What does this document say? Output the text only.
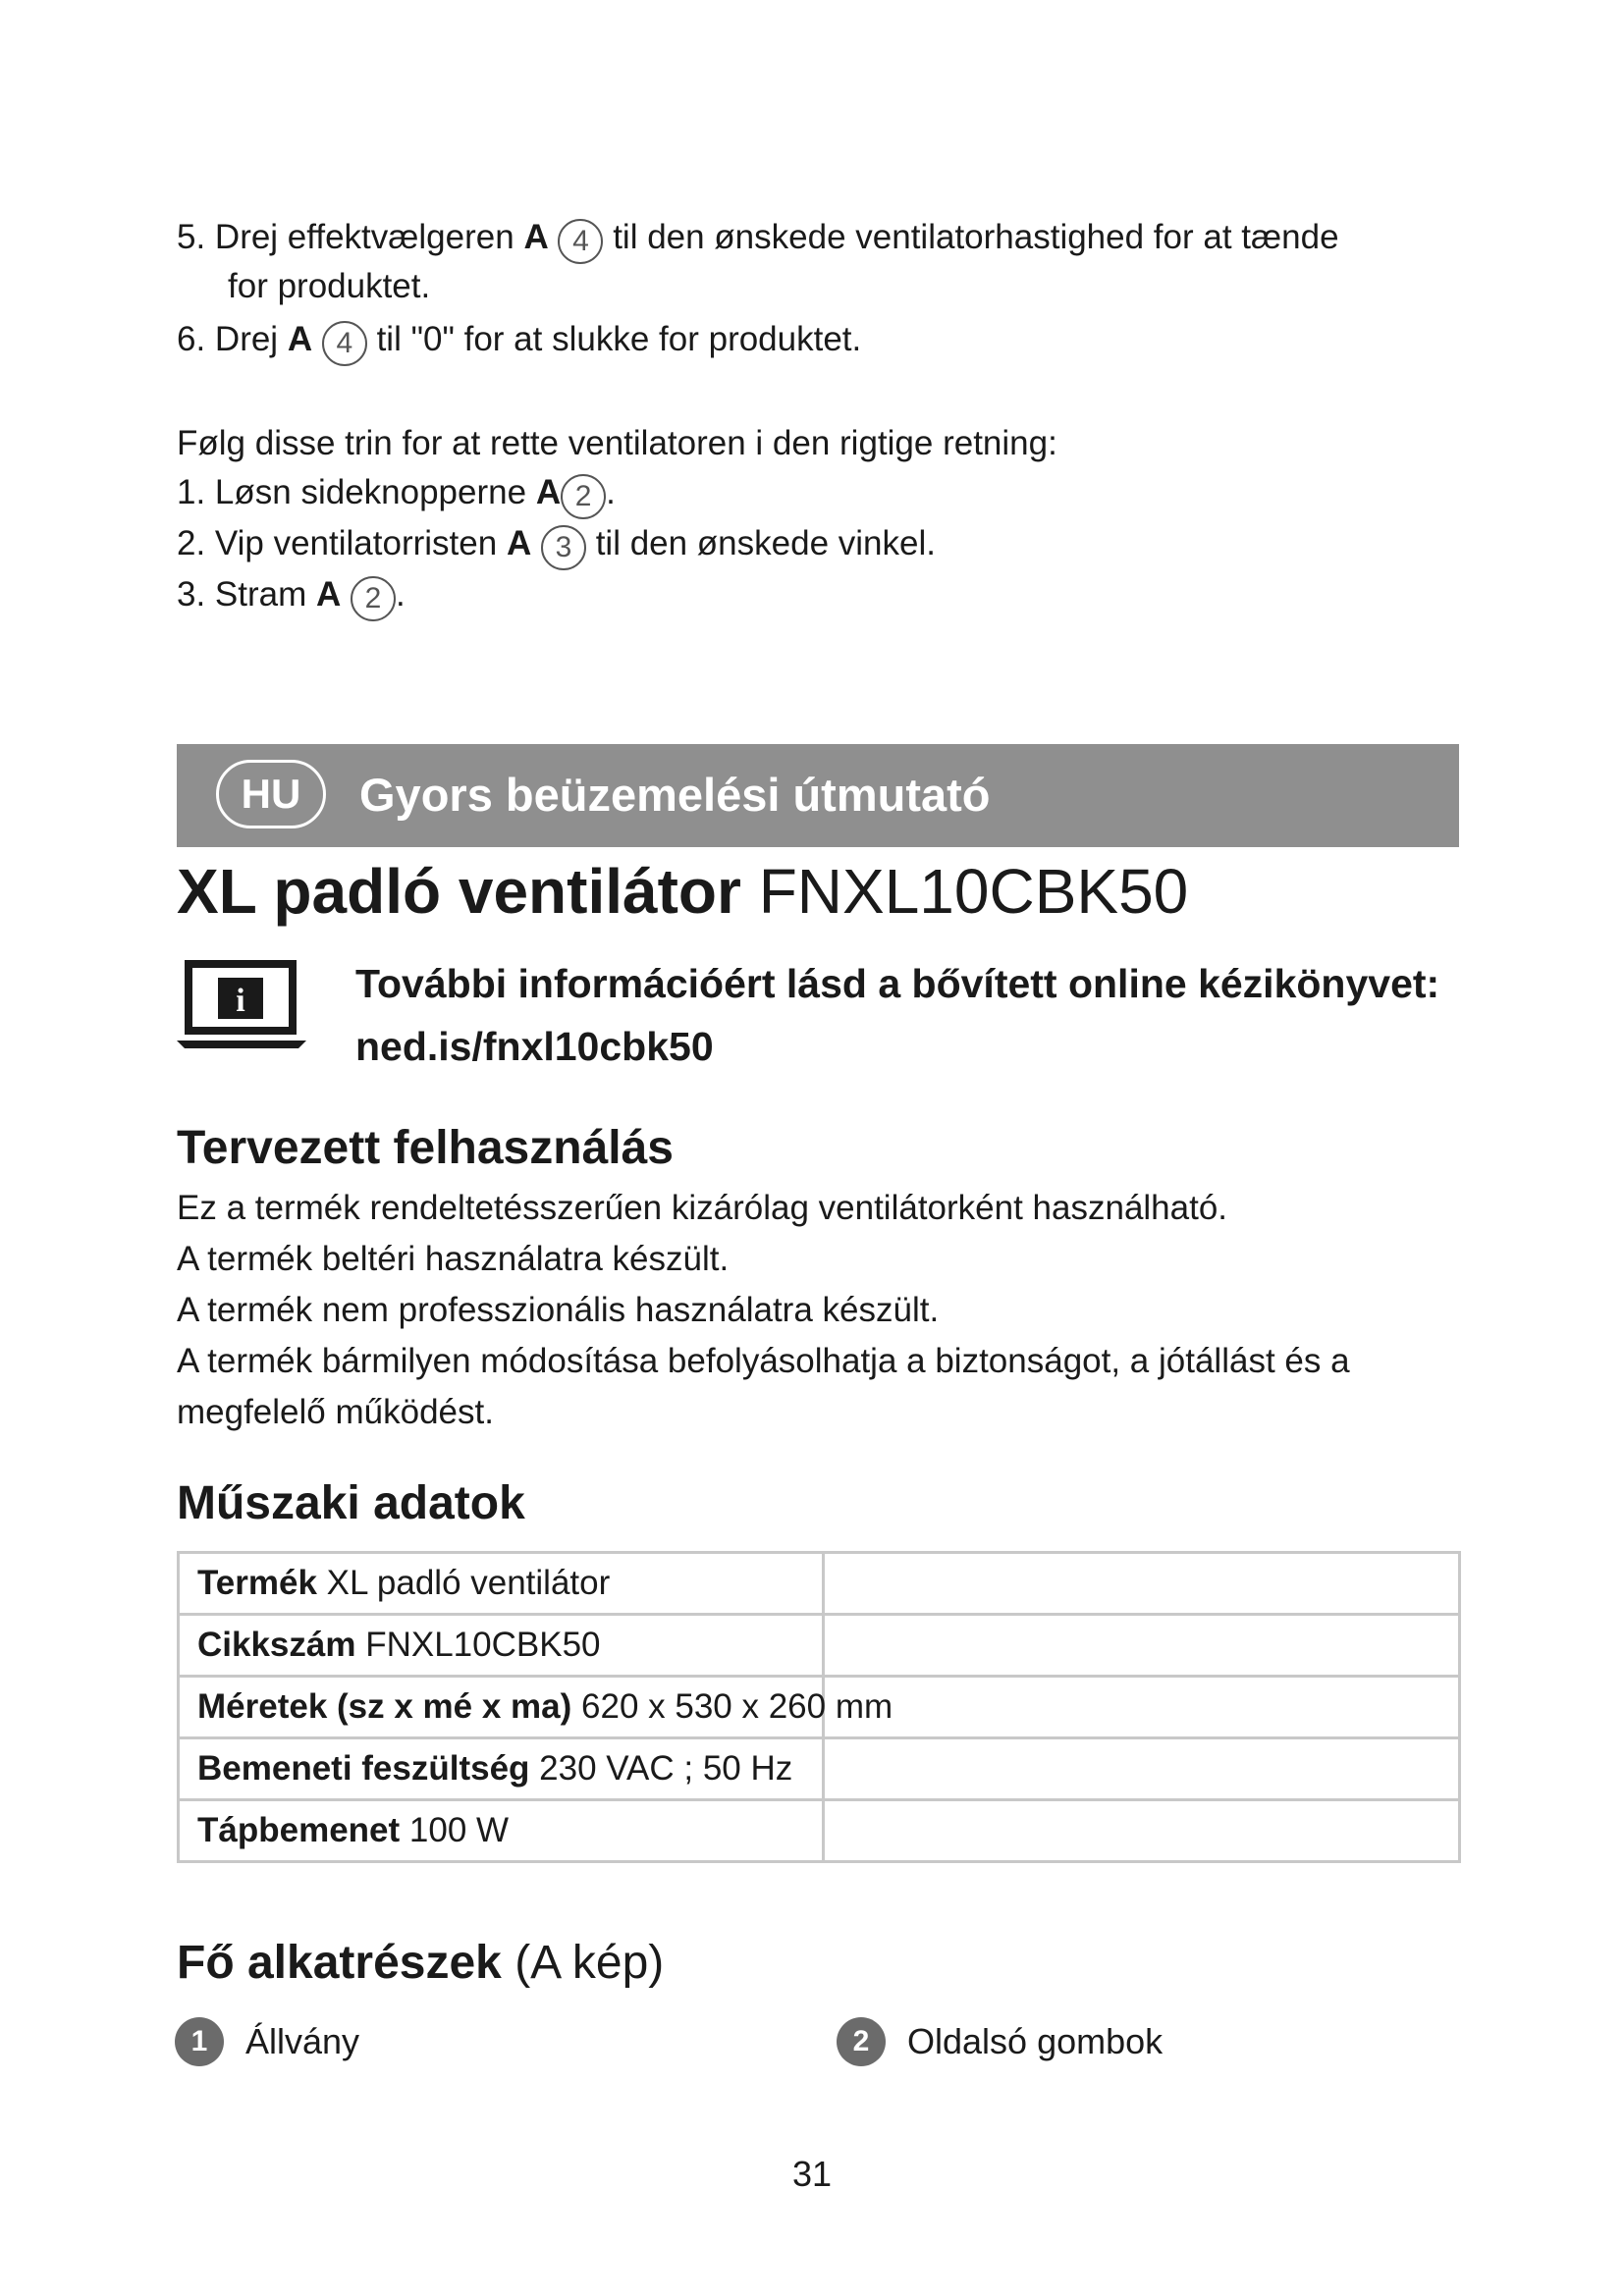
5. Drej effektvælgeren A 4 til den ønskede ventilatorhastighed for at tænde
for produktet.
6. Drej A 4 til "0" for at slukke for produktet.
Følg disse trin for at rette ventilatoren i den rigtige retning:
1. Løsn sideknopperne A 2 .
2. Vip ventilatorristen A 3 til den ønskede vinkel.
3. Stram A 2 .
HU	Gyors beüzemelési útmutató
XL padló ventilátor FNXL10CBK50
i	További információért lásd a bővített online kézikönyvet:
ned.is/fnxl10cbk50
Tervezett felhasználás
Ez a termék rendeltetésszerűen kizárólag ventilátorként használható.
A termék beltéri használatra készült.
A termék nem professzionális használatra készült.
A termék bármilyen módosítása befolyásolhatja a biztonságot, a jótállást és a
megfelelő működést.
Műszaki adatok
Termék XL padló ventilátor	
Cikkszám FNXL10CBK50	
Méretek (sz x mé x ma) 620 x 530 x 260 mm	
Bemeneti feszültség 230 VAC ; 50 Hz	
Tápbemenet 100 W	
Fő alkatrészek (A kép)
1 Állvány	2 Oldalsó gombok
31
